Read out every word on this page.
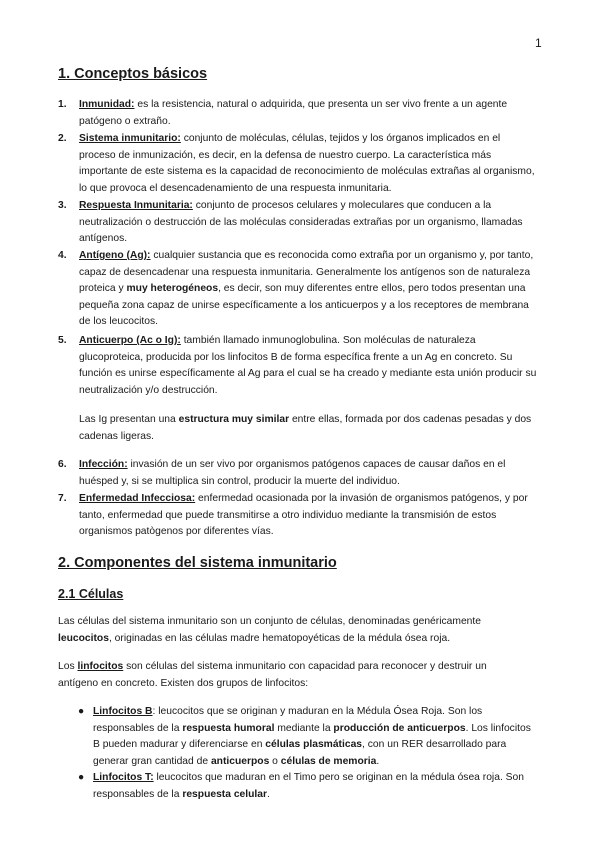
1
1. Conceptos básicos
1. Inmunidad: es la resistencia, natural o adquirida, que presenta un ser vivo frente a un agente patógeno o extraño.
2. Sistema inmunitario: conjunto de moléculas, células, tejidos y los órganos implicados en el proceso de inmunización, es decir, en la defensa de nuestro cuerpo. La característica más importante de este sistema es la capacidad de reconocimiento de moléculas extrañas al organismo, lo que provoca el desencadenamiento de una respuesta inmunitaria.
3. Respuesta Inmunitaria: conjunto de procesos celulares y moleculares que conducen a la neutralización o destrucción de las moléculas consideradas extrañas por un organismo, llamadas antígenos.
4. Antígeno (Ag): cualquier sustancia que es reconocida como extraña por un organismo y, por tanto, capaz de desencadenar una respuesta inmunitaria. Generalmente los antígenos son de naturaleza proteica y muy heterogéneos, es decir, son muy diferentes entre ellos, pero todos presentan una pequeña zona capaz de unirse específicamente a los anticuerpos y a los receptores de membrana de los leucocitos.
5. Anticuerpo (Ac o Ig): también llamado inmunoglobulina. Son moléculas de naturaleza glucoproteica, producida por los linfocitos B de forma específica frente a un Ag en concreto. Su función es unirse específicamente al Ag para el cual se ha creado y mediante esta unión producir su neutralización y/o destrucción.

Las Ig presentan una estructura muy similar entre ellas, formada por dos cadenas pesadas y dos cadenas ligeras.

6. Infección: invasión de un ser vivo por organismos patógenos capaces de causar daños en el huésped y, si se multiplica sin control, producir la muerte del individuo.
7. Enfermedad Infecciosa: enfermedad ocasionada por la invasión de organismos patógenos, y por tanto, enfermedad que puede transmitirse a otro individuo mediante la transmisión de estos organismos patògenos por diferentes vías.
2. Componentes del sistema inmunitario
2.1 Células

Las células del sistema inmunitario son un conjunto de células, denominadas genéricamente leucocitos, originadas en las células madre hematopoyéticas de la médula ósea roja.

Los linfocitos son células del sistema inmunitario con capacidad para reconocer y destruir un antígeno en concreto. Existen dos grupos de linfocitos:

● Linfocitos B: leucocitos que se originan y maduran en la Médula Ósea Roja. Son los responsables de la respuesta humoral mediante la producción de anticuerpos. Los linfocitos B pueden madurar y diferenciarse en células plasmáticas, con un RER desarrollado para generar gran cantidad de anticuerpos o células de memoria.
● Linfocitos T: leucocitos que maduran en el Timo pero se originan en la médula ósea roja. Son responsables de la respuesta celular.
